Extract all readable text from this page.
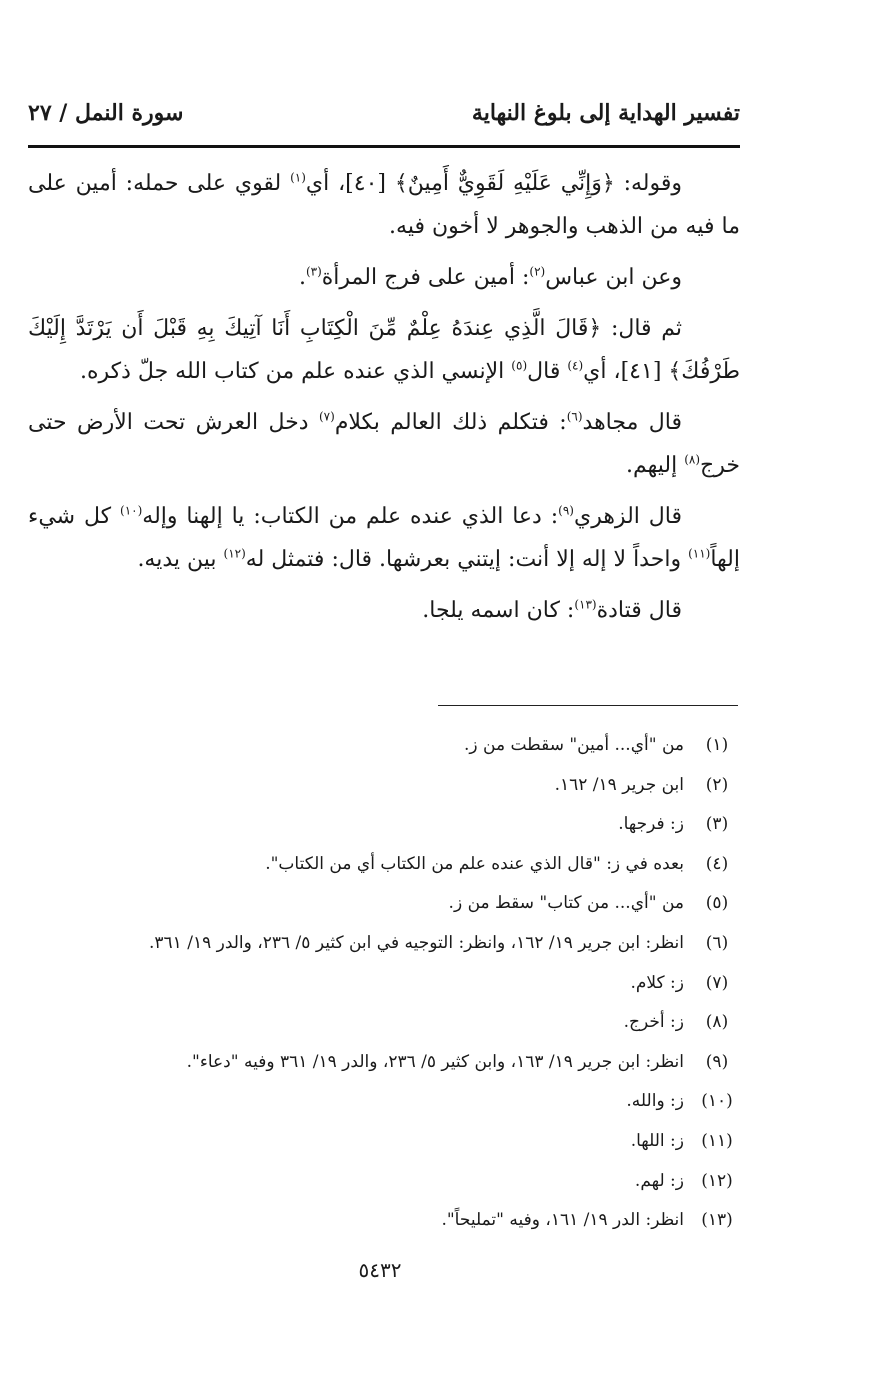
تفسير الهداية إلى بلوغ النهاية
سورة النمل / ٢٧

وقوله: ﴿وَإِنِّي عَلَيْهِ لَقَوِيٌّ أَمِينٌ﴾ [٤٠]، أي$^{(١)}$ لقوي على حمله: أمين على ما فيه من الذهب والجوهر لا أخون فيه.

وعن ابن عباس$^{(٢)}$: أمين على فرج المرأة$^{(٣)}$.

ثم قال: ﴿قَالَ الَّذِي عِندَهُ عِلْمٌ مِّنَ الْكِتَابِ أَنَا آتِيكَ بِهِ قَبْلَ أَن يَرْتَدَّ إِلَيْكَ طَرْفُكَ﴾ [٤١]، أي$^{(٤)}$ قال$^{(٥)}$ الإنسي الذي عنده علم من كتاب الله جلّ ذكره.

قال مجاهد$^{(٦)}$: فتكلم ذلك العالم بكلام$^{(٧)}$ دخل العرش تحت الأرض حتى خرج$^{(٨)}$ إليهم.

قال الزهري$^{(٩)}$: دعا الذي عنده علم من الكتاب: يا إلهنا وإله$^{(١٠)}$ كل شيء إلهاً$^{(١١)}$ واحداً لا إله إلا أنت: إيتني بعرشها. قال: فتمثل له$^{(١٢)}$ بين يديه.

قال قتادة$^{(١٣)}$: كان اسمه يلجا.

(١)
من "أي... أمين" سقطت من ز.
(٢)
ابن جرير ١٩/ ١٦٢.
(٣)
ز: فرجها.
(٤)
بعده في ز: "قال الذي عنده علم من الكتاب أي من الكتاب".
(٥)
من "أي... من كتاب" سقط من ز.
(٦)
انظر: ابن جرير ١٩/ ١٦٢، وانظر: التوجيه في ابن كثير ٥/ ٢٣٦، والدر ١٩/ ٣٦١.
(٧)
ز: كلام.
(٨)
ز: أخرج.
(٩)
انظر: ابن جرير ١٩/ ١٦٣، وابن كثير ٥/ ٢٣٦، والدر ١٩/ ٣٦١ وفيه "دعاء".
(١٠)
ز: والله.
(١١)
ز: اللها.
(١٢)
ز: لهم.
(١٣)
انظر: الدر ١٩/ ١٦١، وفيه "تمليحاً".
٥٤٣٢
